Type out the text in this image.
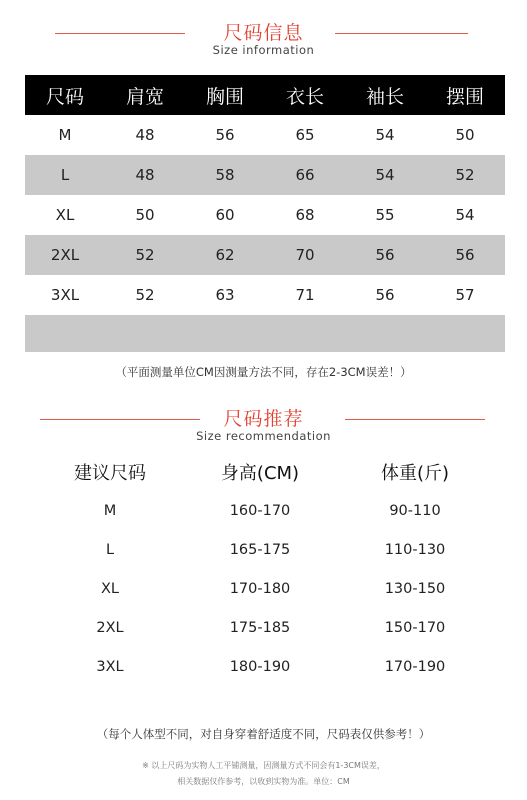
尺码信息
Size information
尺码	肩宽	胸围	衣长	袖长	摆围
M	48	56	65	54	50
L	48	58	66	54	52
XL	50	60	68	55	54
2XL	52	62	70	56	56
3XL	52	63	71	56	57
（平面测量单位CM因测量方法不同，存在2-3CM误差！）
尺码推荐
Size recommendation
建议尺码	身高(CM)	体重(斤)
M	160-170	90-110
L	165-175	110-130
XL	170-180	130-150
2XL	175-185	150-170
3XL	180-190	170-190
（每个人体型不同，对自身穿着舒适度不同，尺码表仅供参考！）
※ 以上尺码为实物人工平铺测量，因测量方式不同会有1-3CM误差，
相关数据仅作参考，以收到实物为准。单位：CM
